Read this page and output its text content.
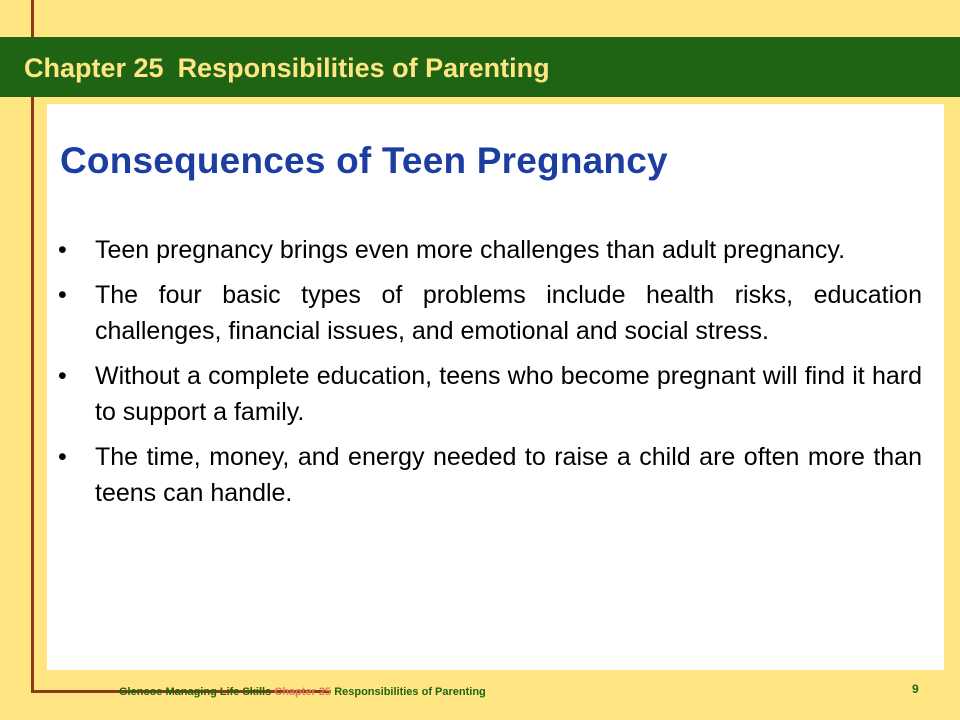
Chapter 25 Responsibilities of Parenting
Consequences of Teen Pregnancy
• Teen pregnancy brings even more challenges than adult pregnancy.
• The four basic types of problems include health risks, education challenges, financial issues, and emotional and social stress.
• Without a complete education, teens who become pregnant will find it hard to support a family.
• The time, money, and energy needed to raise a child are often more than teens can handle.
Glencoe Managing Life Skills Chapter 25 Responsibilities of Parenting	9
